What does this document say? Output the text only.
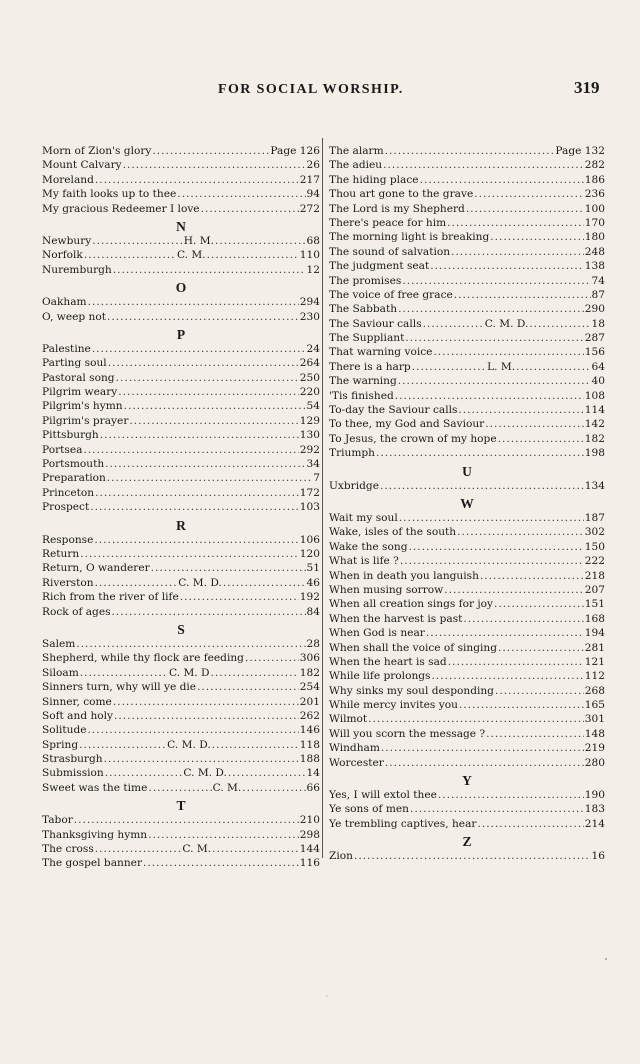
FOR SOCIAL WORSHIP.	319
Morn of Zion's glory .....	Page 126
Mount Calvary .....	26
Moreland .....	217
My faith looks up to thee .....	94
My gracious Redeemer I love .....	272
N
Newbury .....	H. M. .....	68
Norfolk .....	C. M. .....	110
Nuremburgh .....	12
O
Oakham .....	294
O, weep not .....	230
P
Palestine .....	24
Parting soul .....	264
Pastoral song .....	250
Pilgrim weary .....	220
Pilgrim's hymn .....	54
Pilgrim's prayer .....	129
Pittsburgh .....	130
Portsea .....	292
Portsmouth .....	34
Preparation .....	7
Princeton .....	172
Prospect .....	103
R
Response .....	106
Return .....	120
Return, O wanderer .....	51
Riverston .....	C. M. D. .....	46
Rich from the river of life .....	192
Rock of ages .....	84
S
Salem .....	28
Shepherd, while thy flock are feeding .....	306
Siloam .....	C. M. D .....	182
Sinners turn, why will ye die .....	254
Sinner, come .....	201
Soft and holy .....	262
Solitude .....	146
Spring .....	C. M. D. .....	118
Strasburgh .....	188
Submission .....	C. M. D. .....	14
Sweet was the time .....	C. M. .....	66
T
Tabor .....	210
Thanksgiving hymn .....	298
The cross .....	C. M. .....	144
The gospel banner .....	116
The alarm .....	Page 132
The adieu .....	282
The hiding place .....	186
Thou art gone to the grave .....	236
The Lord is my Shepherd .....	100
There's peace for him .....	170
The morning light is breaking .....	180
The sound of salvation .....	248
The judgment seat .....	138
The promises .....	74
The voice of free grace .....	87
The Sabbath .....	290
The Saviour calls .....	C. M. D. .....	18
The Suppliant .....	287
That warning voice .....	156
There is a harp .....	L. M. .....	64
The warning .....	40
'Tis finished .....	108
To-day the Saviour calls .....	114
To thee, my God and Saviour .....	142
To Jesus, the crown of my hope .....	182
Triumph .....	198
U
Uxbridge .....	134
W
Wait my soul .....	187
Wake, isles of the south .....	302
Wake the song .....	150
What is life ? .....	222
When in death you languish .....	218
When musing sorrow .....	207
When all creation sings for joy .....	151
When the harvest is past .....	168
When God is near .....	194
When shall the voice of singing .....	281
When the heart is sad .....	121
While life prolongs .....	112
Why sinks my soul desponding .....	268
While mercy invites you .....	165
Wilmot .....	301
Will you scorn the message ? .....	148
Windham .....	219
Worcester .....	280
Y
Yes, I will extol thee .....	190
Ye sons of men .....	183
Ye trembling captives, hear .....	214
Z
Zion .....	16
